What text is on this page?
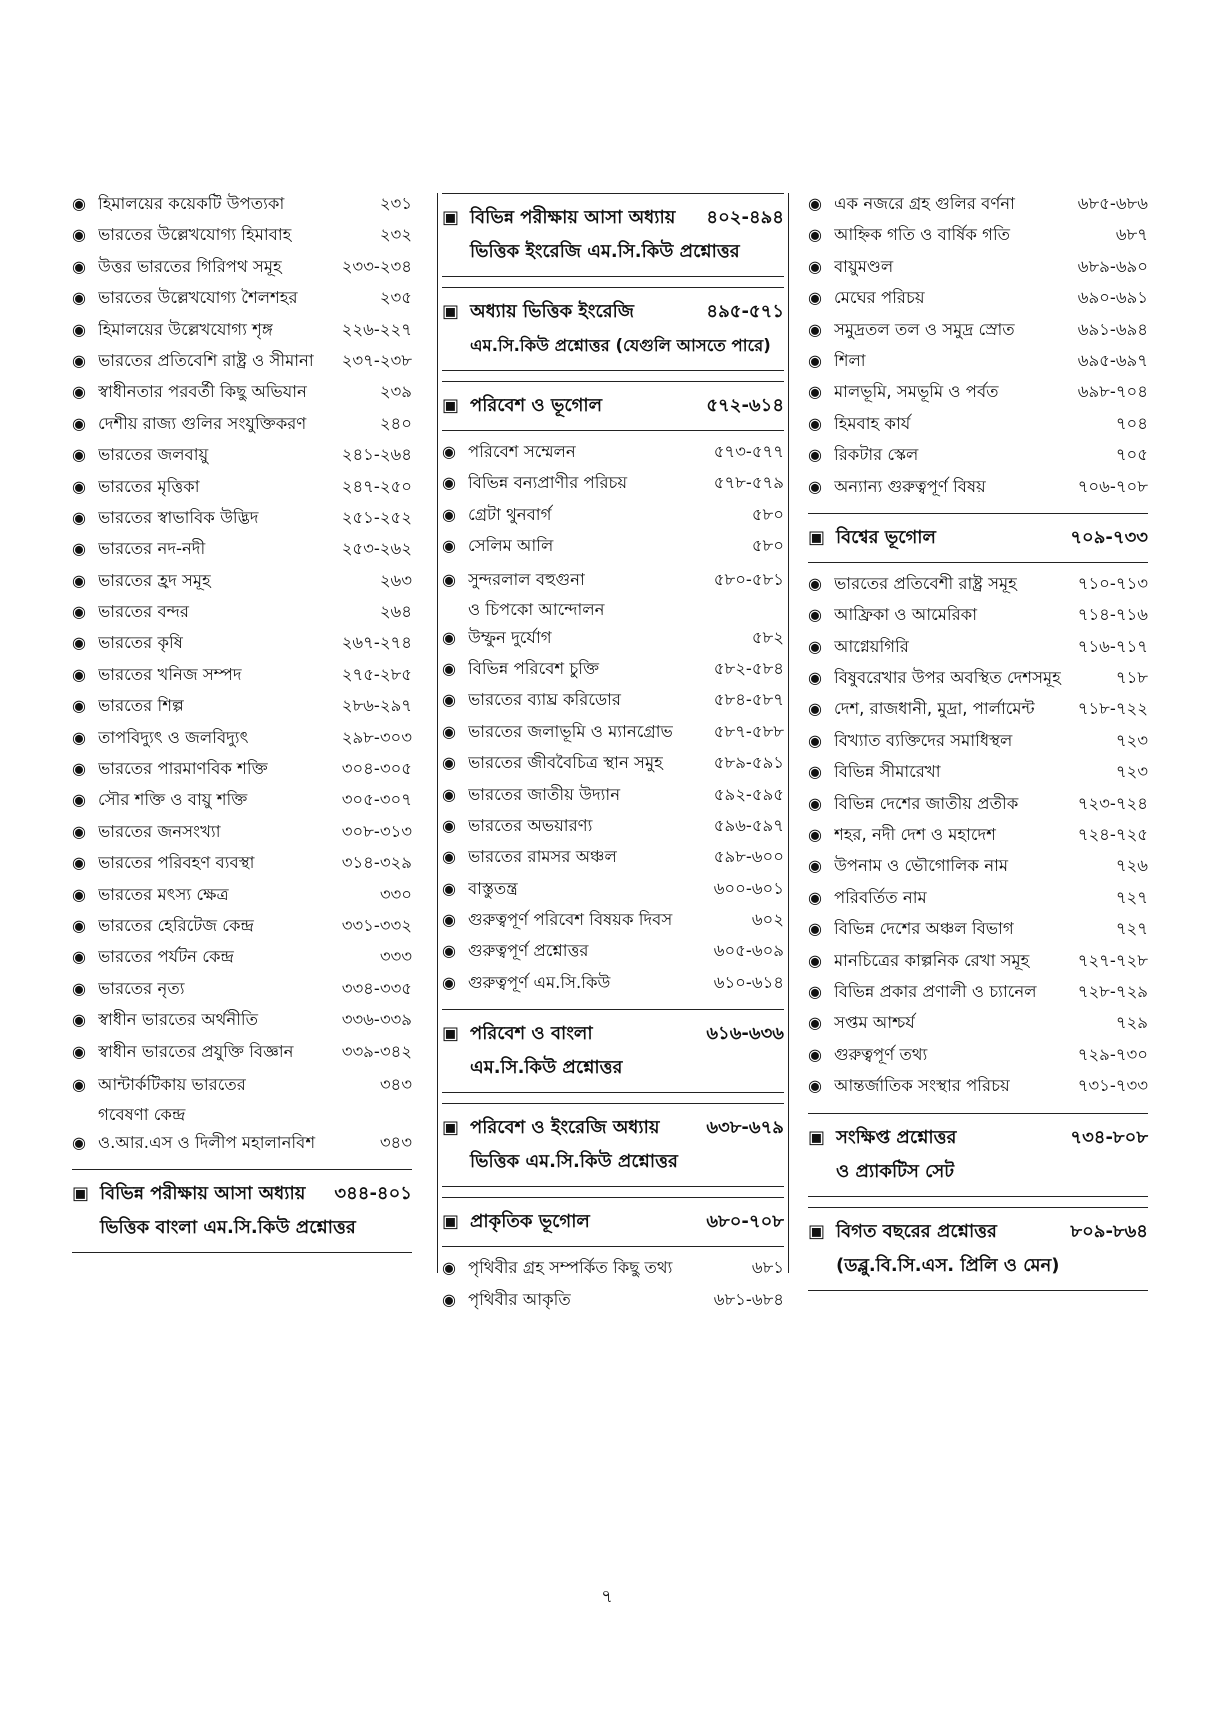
◉ হিমালয়ের কয়েকটি উপত্যকা	২৩১
◉ ভারতের উল্লেখযোগ্য হিমাবাহ	২৩২
◉ উত্তর ভারতের গিরিপথ সমূহ	২৩৩-২৩৪
◉ ভারতের উল্লেখযোগ্য শৈলশহর	২৩৫
◉ হিমালয়ের উল্লেখযোগ্য শৃঙ্গ	২২৬-২২৭
◉ ভারতের প্রতিবেশি রাষ্ট্র ও সীমানা	২৩৭-২৩৮
◉ স্বাধীনতার পরবর্তী কিছু অভিযান	২৩৯
◉ দেশীয় রাজ্য গুলির সংযুক্তিকরণ	২৪০
◉ ভারতের জলবায়ু	২৪১-২৬৪
◉ ভারতের মৃত্তিকা	২৪৭-২৫০
◉ ভারতের স্বাভাবিক উদ্ভিদ	২৫১-২৫২
◉ ভারতের নদ-নদী	২৫৩-২৬২
◉ ভারতের হ্রদ সমূহ	২৬৩
◉ ভারতের বন্দর	২৬৪
◉ ভারতের কৃষি	২৬৭-২৭৪
◉ ভারতের খনিজ সম্পদ	২৭৫-২৮৫
◉ ভারতের শিল্প	২৮৬-২৯৭
◉ তাপবিদ্যুৎ ও জলবিদ্যুৎ	২৯৮-৩০৩
◉ ভারতের পারমাণবিক শক্তি	৩০৪-৩০৫
◉ সৌর শক্তি ও বায়ু শক্তি	৩০৫-৩০৭
◉ ভারতের জনসংখ্যা	৩০৮-৩১৩
◉ ভারতের পরিবহণ ব্যবস্থা	৩১৪-৩২৯
◉ ভারতের মৎস্য ক্ষেত্র	৩৩০
◉ ভারতের হেরিটেজ কেন্দ্র	৩৩১-৩৩২
◉ ভারতের পর্যটন কেন্দ্র	৩৩৩
◉ ভারতের নৃত্য	৩৩৪-৩৩৫
◉ স্বাধীন ভারতের অর্থনীতি	৩৩৬-৩৩৯
◉ স্বাধীন ভারতের প্রযুক্তি বিজ্ঞান	৩৩৯-৩৪২
◉ আন্টার্কটিকায় ভারতের
গবেষণা কেন্দ্র
৩৪৩
◉ ও.আর.এস ও দিলীপ মহালানবিশ	৩৪৩
▣ বিভিন্ন পরীক্ষায় আসা অধ্যায়	৩৪৪-৪০১
ভিত্তিক বাংলা এম.সি.কিউ প্রশ্নোত্তর
▣ বিভিন্ন পরীক্ষায় আসা অধ্যায়	৪০২-৪৯৪
ভিত্তিক ইংরেজি এম.সি.কিউ প্রশ্নোত্তর
▣ অধ্যায় ভিত্তিক ইংরেজি	৪৯৫-৫৭১
এম.সি.কিউ প্রশ্নোত্তর (যেগুলি আসতে পারে)
▣ পরিবেশ ও ভূগোল	৫৭২-৬১৪
◉ পরিবেশ সম্মেলন	৫৭৩-৫৭৭
◉ বিভিন্ন বন্যপ্রাণীর পরিচয়	৫৭৮-৫৭৯
◉ গ্রেটা থুনবার্গ	৫৮০
◉ সেলিম আলি	৫৮০
◉ সুন্দরলাল বহুগুনা
ও চিপকো আন্দোলন
৫৮০-৫৮১
◉ উম্ফুন দুর্যোগ	৫৮২
◉ বিভিন্ন পরিবেশ চুক্তি	৫৮২-৫৮৪
◉ ভারতের ব্যাঘ্র করিডোর	৫৮৪-৫৮৭
◉ ভারতের জলাভূমি ও ম্যানগ্রোভ	৫৮৭-৫৮৮
◉ ভারতের জীববৈচিত্র স্থান সমুহ	৫৮৯-৫৯১
◉ ভারতের জাতীয় উদ্যান	৫৯২-৫৯৫
◉ ভারতের অভয়ারণ্য	৫৯৬-৫৯৭
◉ ভারতের রামসর অঞ্চল	৫৯৮-৬০০
◉ বাস্তুতন্ত্র	৬০০-৬০১
◉ গুরুত্বপূর্ণ পরিবেশ বিষয়ক দিবস	৬০২
◉ গুরুত্বপূর্ণ প্রশ্নোত্তর	৬০৫-৬০৯
◉ গুরুত্বপূর্ণ এম.সি.কিউ	৬১০-৬১৪
▣ পরিবেশ ও বাংলা	৬১৬-৬৩৬
এম.সি.কিউ প্রশ্নোত্তর
▣ পরিবেশ ও ইংরেজি অধ্যায়	৬৩৮-৬৭৯
ভিত্তিক এম.সি.কিউ প্রশ্নোত্তর
▣ প্রাকৃতিক ভূগোল	৬৮০-৭০৮
◉ পৃথিবীর গ্রহ সম্পর্কিত কিছু তথ্য	৬৮১
◉ পৃথিবীর আকৃতি	৬৮১-৬৮৪
◉ এক নজরে গ্রহ গুলির বর্ণনা	৬৮৫-৬৮৬
◉ আহ্নিক গতি ও বার্ষিক গতি	৬৮৭
◉ বায়ুমণ্ডল	৬৮৯-৬৯০
◉ মেঘের পরিচয়	৬৯০-৬৯১
◉ সমুদ্রতল তল ও সমুদ্র স্রোত	৬৯১-৬৯৪
◉ শিলা	৬৯৫-৬৯৭
◉ মালভূমি, সমভূমি ও পর্বত	৬৯৮-৭০৪
◉ হিমবাহ কার্য	৭০৪
◉ রিকটার স্কেল	৭০৫
◉ অন্যান্য গুরুত্বপূর্ণ বিষয়	৭০৬-৭০৮
▣ বিশ্বের ভূগোল	৭০৯-৭৩৩
◉ ভারতের প্রতিবেশী রাষ্ট্র সমূহ	৭১০-৭১৩
◉ আফ্রিকা ও আমেরিকা	৭১৪-৭১৬
◉ আগ্নেয়গিরি	৭১৬-৭১৭
◉ বিষুবরেখার উপর অবস্থিত দেশসমূহ	৭১৮
◉ দেশ, রাজধানী, মুদ্রা, পার্লামেন্ট	৭১৮-৭২২
◉ বিখ্যাত ব্যক্তিদের সমাধিস্থল	৭২৩
◉ বিভিন্ন সীমারেখা	৭২৩
◉ বিভিন্ন দেশের জাতীয় প্রতীক	৭২৩-৭২৪
◉ শহর, নদী দেশ ও মহাদেশ	৭২৪-৭২৫
◉ উপনাম ও ভৌগোলিক নাম	৭২৬
◉ পরিবর্তিত নাম	৭২৭
◉ বিভিন্ন দেশের অঞ্চল বিভাগ	৭২৭
◉ মানচিত্রের কাল্পনিক রেখা সমূহ	৭২৭-৭২৮
◉ বিভিন্ন প্রকার প্রণালী ও চ্যানেল	৭২৮-৭২৯
◉ সপ্তম আশ্চর্য	৭২৯
◉ গুরুত্বপূর্ণ তথ্য	৭২৯-৭৩০
◉ আন্তর্জাতিক সংস্থার পরিচয়	৭৩১-৭৩৩
▣ সংক্ষিপ্ত প্রশ্নোত্তর	৭৩৪-৮০৮
ও প্র্যাকটিস সেট
▣ বিগত বছরের প্রশ্নোত্তর	৮০৯-৮৬৪
(ডব্লু.বি.সি.এস. প্রিলি ও মেন)
৭
